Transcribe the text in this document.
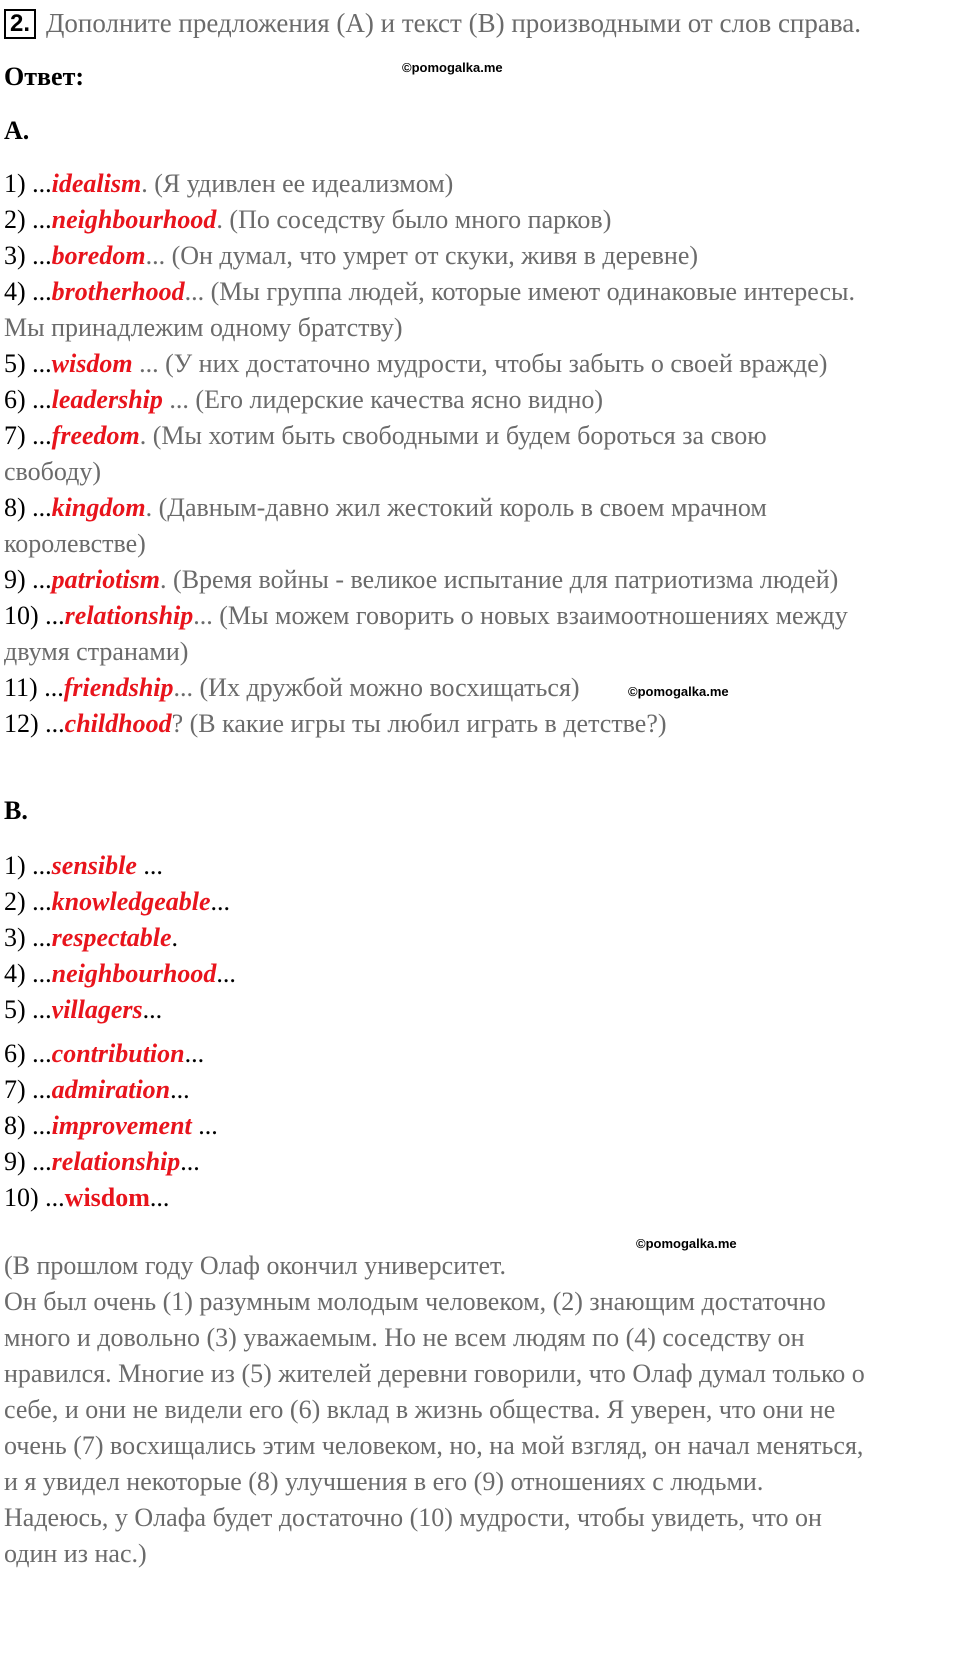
2. Дополните предложения (A) и текст (B) производными от слов справа.
Ответ:	©pomogalka.me
A.
1) ...idealism. (Я удивлен ее идеализмом)
2) ...neighbourhood. (По соседству было много парков)
3) ...boredom... (Он думал, что умрет от скуки, живя в деревне)
4) ...brotherhood... (Мы группа людей, которые имеют одинаковые интересы.
Мы принадлежим одному братству)
5) ...wisdom ... (У них достаточно мудрости, чтобы забыть о своей вражде)
6) ...leadership ... (Его лидерские качества ясно видно)
7) ...freedom. (Мы хотим быть свободными и будем бороться за свою
свободу)
8) ...kingdom. (Давным-давно жил жестокий король в своем мрачном
королевстве)
9) ...patriotism. (Время войны - великое испытание для патриотизма людей)
10) ...relationship... (Мы можем говорить о новых взаимоотношениях между
двумя странами)
11) ...friendship... (Их дружбой можно восхищаться)	©pomogalka.me
12) ...childhood? (В какие игры ты любил играть в детстве?)
B.
1) ...sensible ...
2) ...knowledgeable...
3) ...respectable.
4) ...neighbourhood...
5) ...villagers...
6) ...contribution...
7) ...admiration...
8) ...improvement ...
9) ...relationship...
10) ...wisdom...
©pomogalka.me
(В прошлом году Олаф окончил университет.
Он был очень (1) разумным молодым человеком, (2) знающим достаточно
много и довольно (3) уважаемым. Но не всем людям по (4) соседству он
нравился. Многие из (5) жителей деревни говорили, что Олаф думал только о
себе, и они не видели его (6) вклад в жизнь общества. Я уверен, что они не
очень (7) восхищались этим человеком, но, на мой взгляд, он начал меняться,
и я увидел некоторые (8) улучшения в его (9) отношениях с людьми.
Надеюсь, у Олафа будет достаточно (10) мудрости, чтобы увидеть, что он
один из нас.)
